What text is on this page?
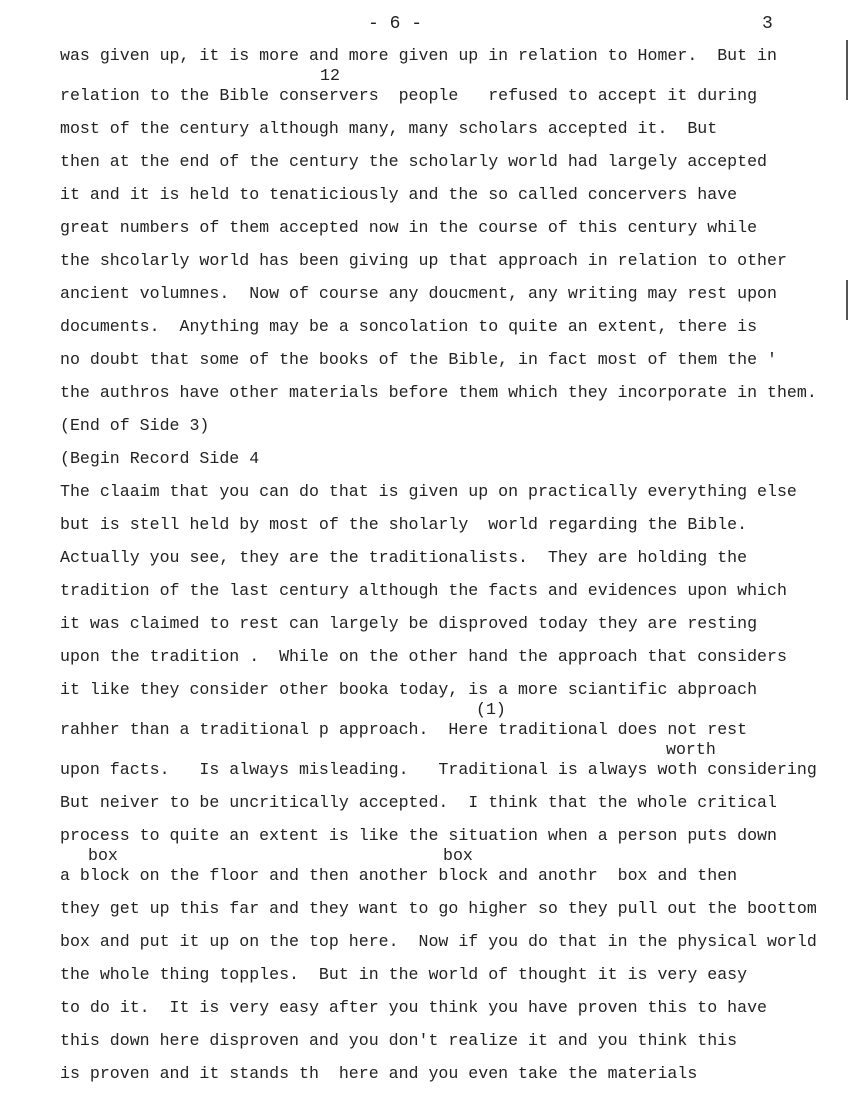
- 6 -	3
was given up, it is more and more given up in relation to Homer.  But in
relation to the Bible conservers  people   refused to accept it during
most of the century although many, many scholars accepted it.  But
then at the end of the century the scholarly world had largely accepted
it and it is held to tenaticiously and the so called concervers have
great numbers of them accepted now in the course of this century while
the shcolarly world has been giving up that approach in relation to other
ancient volumnes.  Now of course any doucment, any writing may rest upon
documents.  Anything may be a soncolation to quite an extent, there is
no doubt that some of the books of the Bible, in fact most of them the '
the authros have other materials before them which they incorporate in them.
(End of Side 3)
(Begin Record Side 4
The claaim that you can do that is given up on practically everything else
but is stell held by most of the sholarly  world regarding the Bible.
Actually you see, they are the traditionalists.  They are holding the
tradition of the last century although the facts and evidences upon which
it was claimed to rest can largely be disproved today they are resting
upon the tradition .  While on the other hand the approach that considers
it like they consider other booka today, is a more sciantific abproach
rahher than a traditional p approach.  Here traditional does not rest
upon facts.   Is always misleading.   Traditional is always woth considering
But neiver to be uncritically accepted.  I think that the whole critical
process to quite an extent is like the situation when a person puts down
a block on the floor and then another block and anothr  box and then
they get up this far and they want to go higher so they pull out the boottom
box and put it up on the top here.  Now if you do that in the physical world
the whole thing topples.  But in the world of thought it is very easy
to do it.  It is very easy after you think you have proven this to have
this down here disproven and you don't realize it and you think this
is proven and it stands th  here and you even take the materials
12
(1)
worth
box	box
